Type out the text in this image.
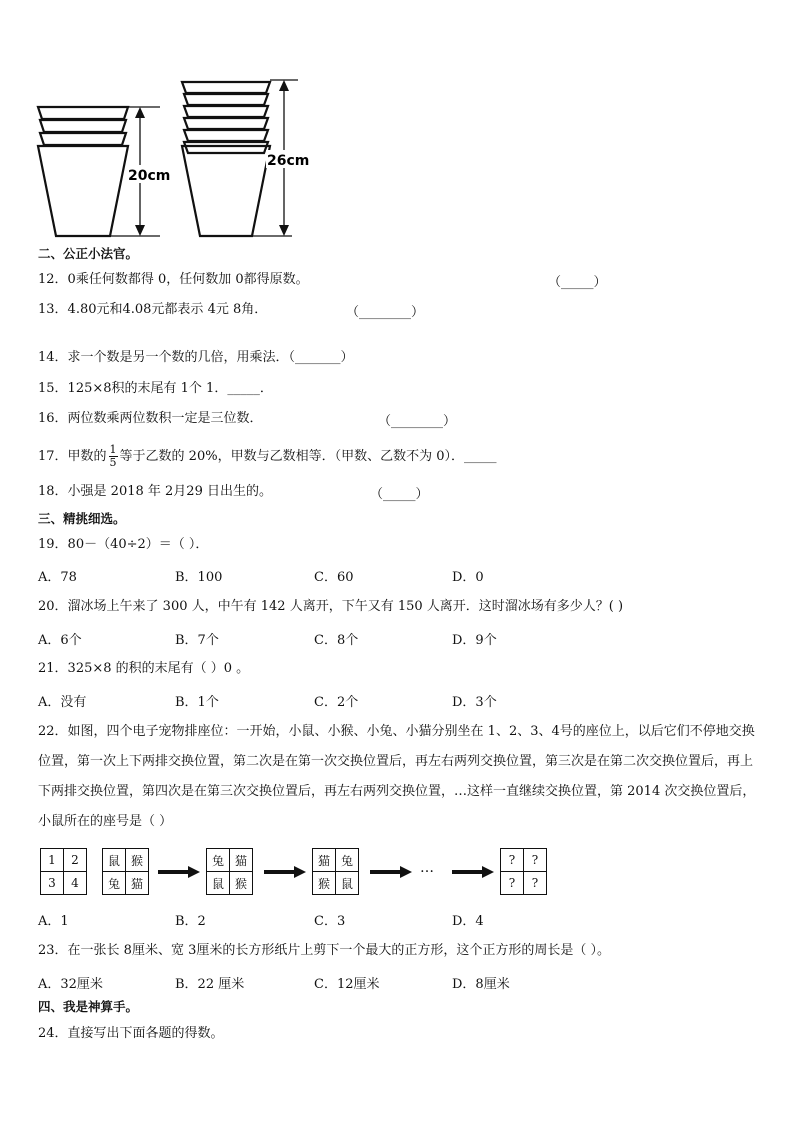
20cm
26cm
二、公正小法官。
12．0乘任何数都得 0，任何数加 0都得原数。	（_____）
13．4.80元和4.08元都表示 4元 8角．	（________）
14．求一个数是另一个数的几倍，用乘法．（_______）
15．125×8积的末尾有 1个 1．_____．
16．两位数乘两位数积一定是三位数．	（________）
17．甲数的 $\frac{1}{5}$ 等于乙数的 20%，甲数与乙数相等．（甲数、乙数不为 0）．_____
18．小强是 2018 年 2月29 日出生的。	（_____）
三、精挑细选。
19．80－（40÷2）＝（ ）．
A．78	B．100	C．60	D．0
20．溜冰场上午来了 300 人，中午有 142 人离开，下午又有 150 人离开．这时溜冰场有多少人？( )
A．6个	B．7个	C．8个	D．9个
21．325×8 的积的末尾有（ ）0 。
A．没有	B．1个	C．2个	D．3个
22．如图，四个电子宠物排座位：一开始，小鼠、小猴、小兔、小猫分别坐在 1、2、3、4号的座位上，以后它们不停地交换位置，第一次上下两排交换位置，第二次是在第一次交换位置后，再左右两列交换位置，第三次是在第二次交换位置后，再上下两排交换位置，第四次是在第三次交换位置后，再左右两列交换位置，…这样一直继续交换位置，第 2014 次交换位置后，小鼠所在的座号是（ ）
1	2
3	4
鼠	猴
兔	猫
兔	猫
鼠	猴
猫	兔
猴	鼠
…	?	?
?	?
A．1	B．2	C．3	D．4
23．在一张长 8厘米、宽 3厘米的长方形纸片上剪下一个最大的正方形，这个正方形的周长是（ ）。
A．32厘米	B．22 厘米	C．12厘米	D．8厘米
四、我是神算手。
24．直接写出下面各题的得数。
